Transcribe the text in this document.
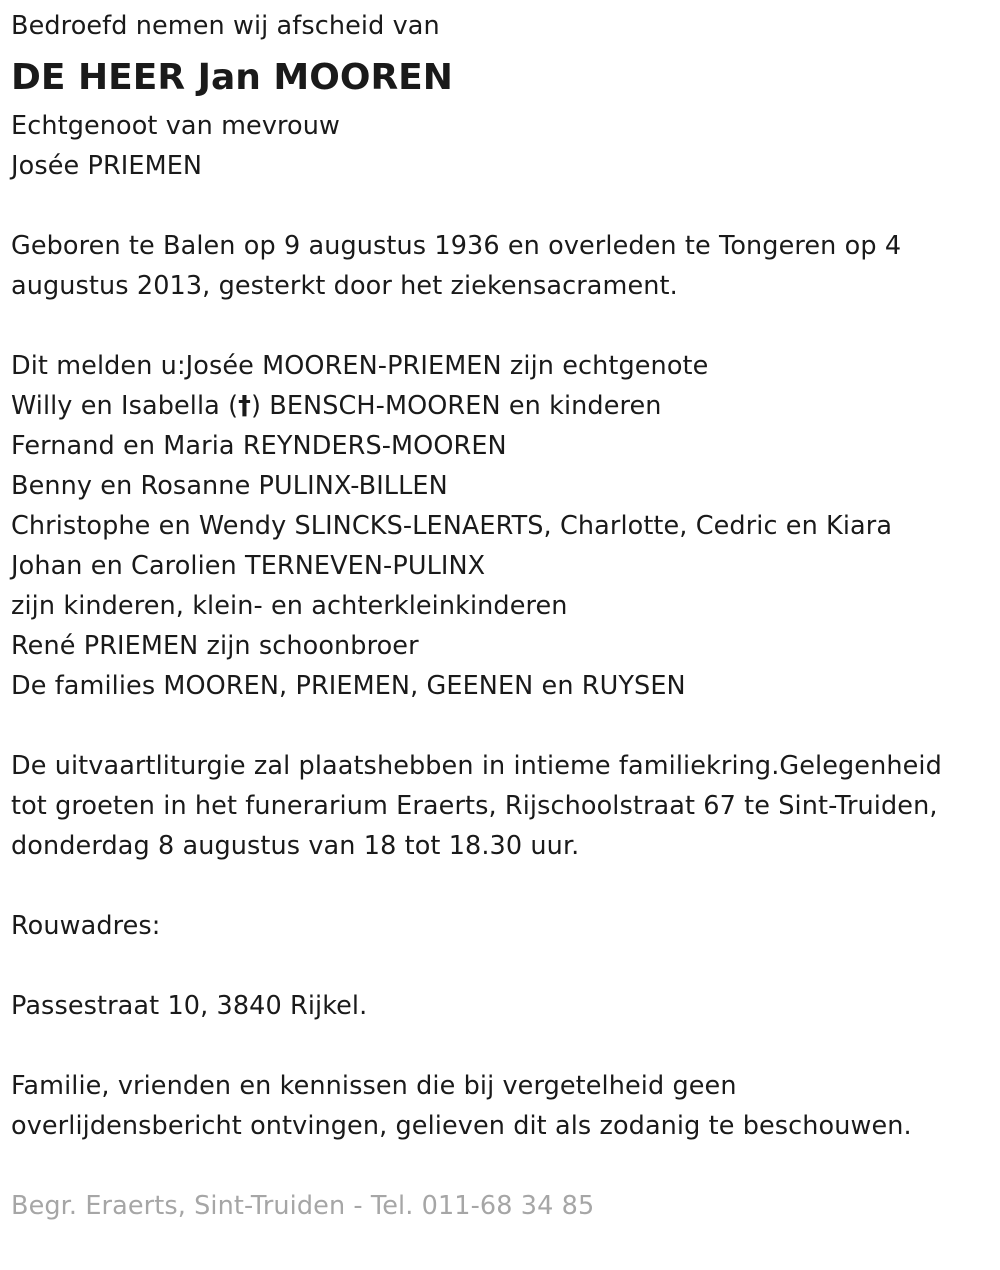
Bedroefd nemen wij afscheid van
DE HEER Jan MOOREN
Echtgenoot van mevrouw
Josée PRIEMEN
Geboren te Balen op 9 augustus 1936 en overleden te Tongeren op 4
augustus 2013, gesterkt door het ziekensacrament.
Dit melden u:Josée MOOREN-PRIEMEN zijn echtgenote
Willy en Isabella (†) BENSCH-MOOREN en kinderen
Fernand en Maria REYNDERS-MOOREN
Benny en Rosanne PULINX-BILLEN
Christophe en Wendy SLINCKS-LENAERTS, Charlotte, Cedric en Kiara
Johan en Carolien TERNEVEN-PULINX
zijn kinderen, klein- en achterkleinkinderen
René PRIEMEN zijn schoonbroer
De families MOOREN, PRIEMEN, GEENEN en RUYSEN
De uitvaartliturgie zal plaatshebben in intieme familiekring.Gelegenheid
tot groeten in het funerarium Eraerts, Rijschoolstraat 67 te Sint-Truiden,
donderdag 8 augustus van 18 tot 18.30 uur.
Rouwadres:
Passestraat 10, 3840 Rijkel.
Familie, vrienden en kennissen die bij vergetelheid geen
overlijdensbericht ontvingen, gelieven dit als zodanig te beschouwen.
Begr. Eraerts, Sint-Truiden - Tel. 011-68 34 85
